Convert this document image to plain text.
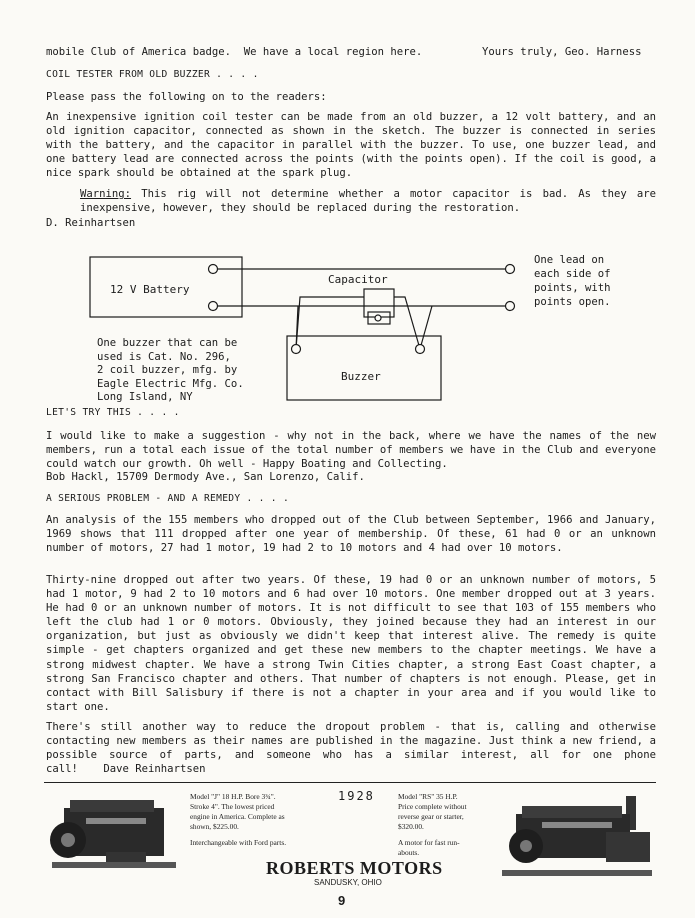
mobile Club of America badge.  We have a local region here.	Yours truly, Geo. Harness
COIL TESTER FROM OLD BUZZER . . . .
Please pass the following on to the readers:
An inexpensive ignition coil tester can be made from an old buzzer, a 12 volt battery, and an old ignition capacitor, connected as shown in the sketch. The buzzer is connected in series with the battery, and the capacitor in parallel with the buzzer. To use, one buzzer lead, and one battery lead are connected across the points (with the points open). If the coil is good, a nice spark should be obtained at the spark plug.
Warning: This rig will not determine whether a motor capacitor is bad. As they are inexpensive, however, they should be replaced during the restoration.
D. Reinhartsen
12 V Battery
Capacitor
Buzzer
One lead on
each side of
points, with
points open.
One buzzer that can be
used is Cat. No. 296,
2 coil buzzer, mfg. by
Eagle Electric Mfg. Co.
Long Island, NY
LET'S TRY THIS . . . .
I would like to make a suggestion - why not in the back, where we have the names of the new members, run a total each issue of the total number of members we have in the Club and everyone could watch our growth. Oh well - Happy Boating and Collecting.
Bob Hackl, 15709 Dermody Ave., San Lorenzo, Calif.
A SERIOUS PROBLEM - AND A REMEDY . . . .
An analysis of the 155 members who dropped out of the Club between September, 1966 and January, 1969 shows that 111 dropped after one year of membership. Of these, 61 had 0 or an unknown number of motors, 27 had 1 motor, 19 had 2 to 10 motors and 4 had over 10 motors.
Thirty-nine dropped out after two years. Of these, 19 had 0 or an unknown number of motors, 5 had 1 motor, 9 had 2 to 10 motors and 6 had over 10 motors. One member dropped out at 3 years. He had 0 or an unknown number of motors. It is not difficult to see that 103 of 155 members who left the club had 1 or 0 motors. Obviously, they joined because they had an interest in our organization, but just as obviously we didn't keep that interest alive. The remedy is quite simple - get chapters organized and get these new members to the chapter meetings. We have a strong midwest chapter. We have a strong Twin Cities chapter, a strong East Coast chapter, a strong San Francisco chapter and others. That number of chapters is not enough. Please, get in contact with Bill Salisbury if there is not a chapter in your area and if you would like to start one.
There's still another way to reduce the dropout problem - that is, calling and otherwise contacting new members as their names are published in the magazine. Just think a new friend, a possible source of parts, and someone who has a similar interest, all for one phone call! Dave Reinhartsen
Model "J" 18 H.P. Bore 3¾".
Stroke 4". The lowest priced
engine in America. Complete as
shown, $225.00.
Interchangeable with Ford parts.
1928	Model "RS" 35 H.P.
Price complete without
reverse gear or starter,
$320.00.
A motor for fast run-
abouts.
ROBERTS MOTORS
SANDUSKY, OHIO
9
